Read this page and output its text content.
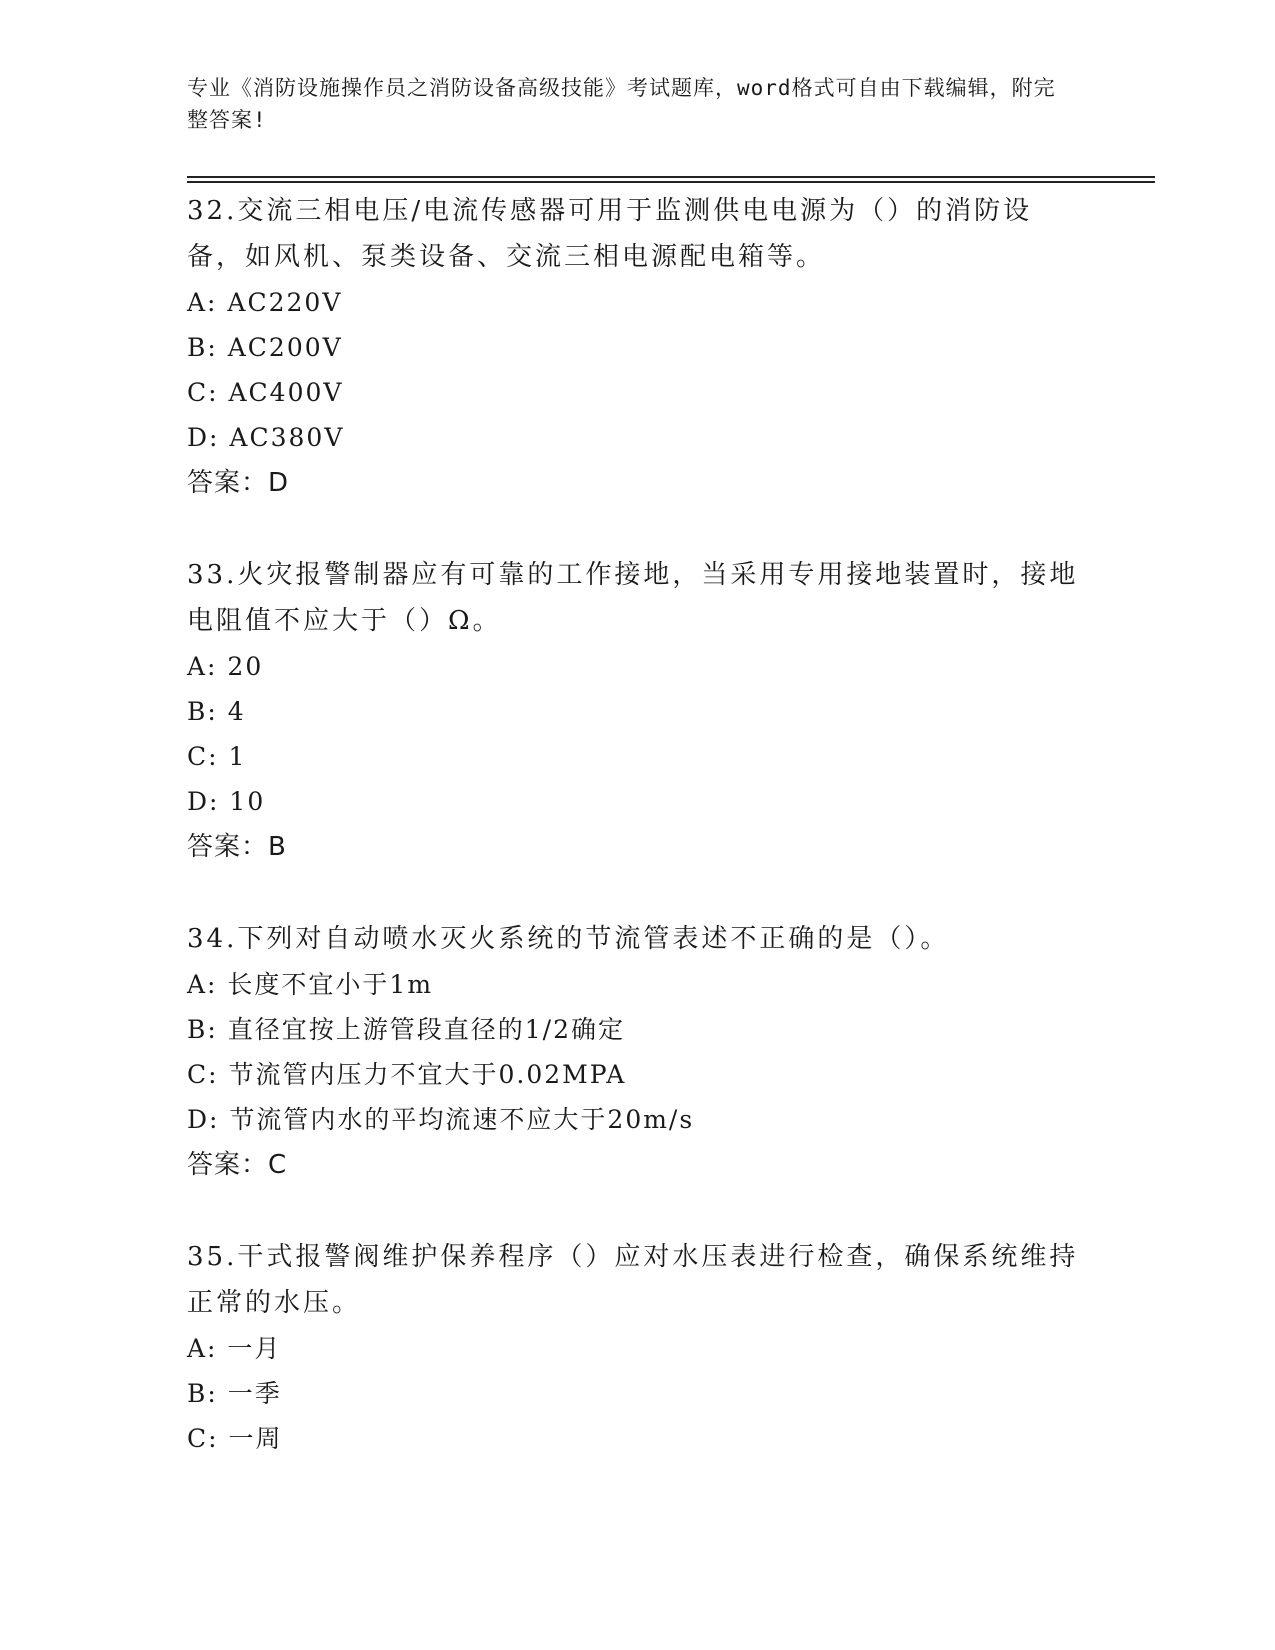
专业《消防设施操作员之消防设备高级技能》考试题库，word格式可自由下载编辑，附完整答案!

32.交流三相电压/电流传感器可用于监测供电电源为（）的消防设备，如风机、泵类设备、交流三相电源配电箱等。

A: AC220V

B: AC200V

C: AC400V

D: AC380V

答案：D

33.火灾报警制器应有可靠的工作接地，当采用专用接地装置时，接地电阻值不应大于（）Ω。

A: 20

B: 4

C: 1

D: 10

答案：B

34.下列对自动喷水灭火系统的节流管表述不正确的是（）。

A: 长度不宜小于1m

B: 直径宜按上游管段直径的1/2确定

C: 节流管内压力不宜大于0.02MPA

D: 节流管内水的平均流速不应大于20m/s

答案：C

35.干式报警阀维护保养程序（）应对水压表进行检查，确保系统维持正常的水压。

A: 一月

B: 一季

C: 一周
